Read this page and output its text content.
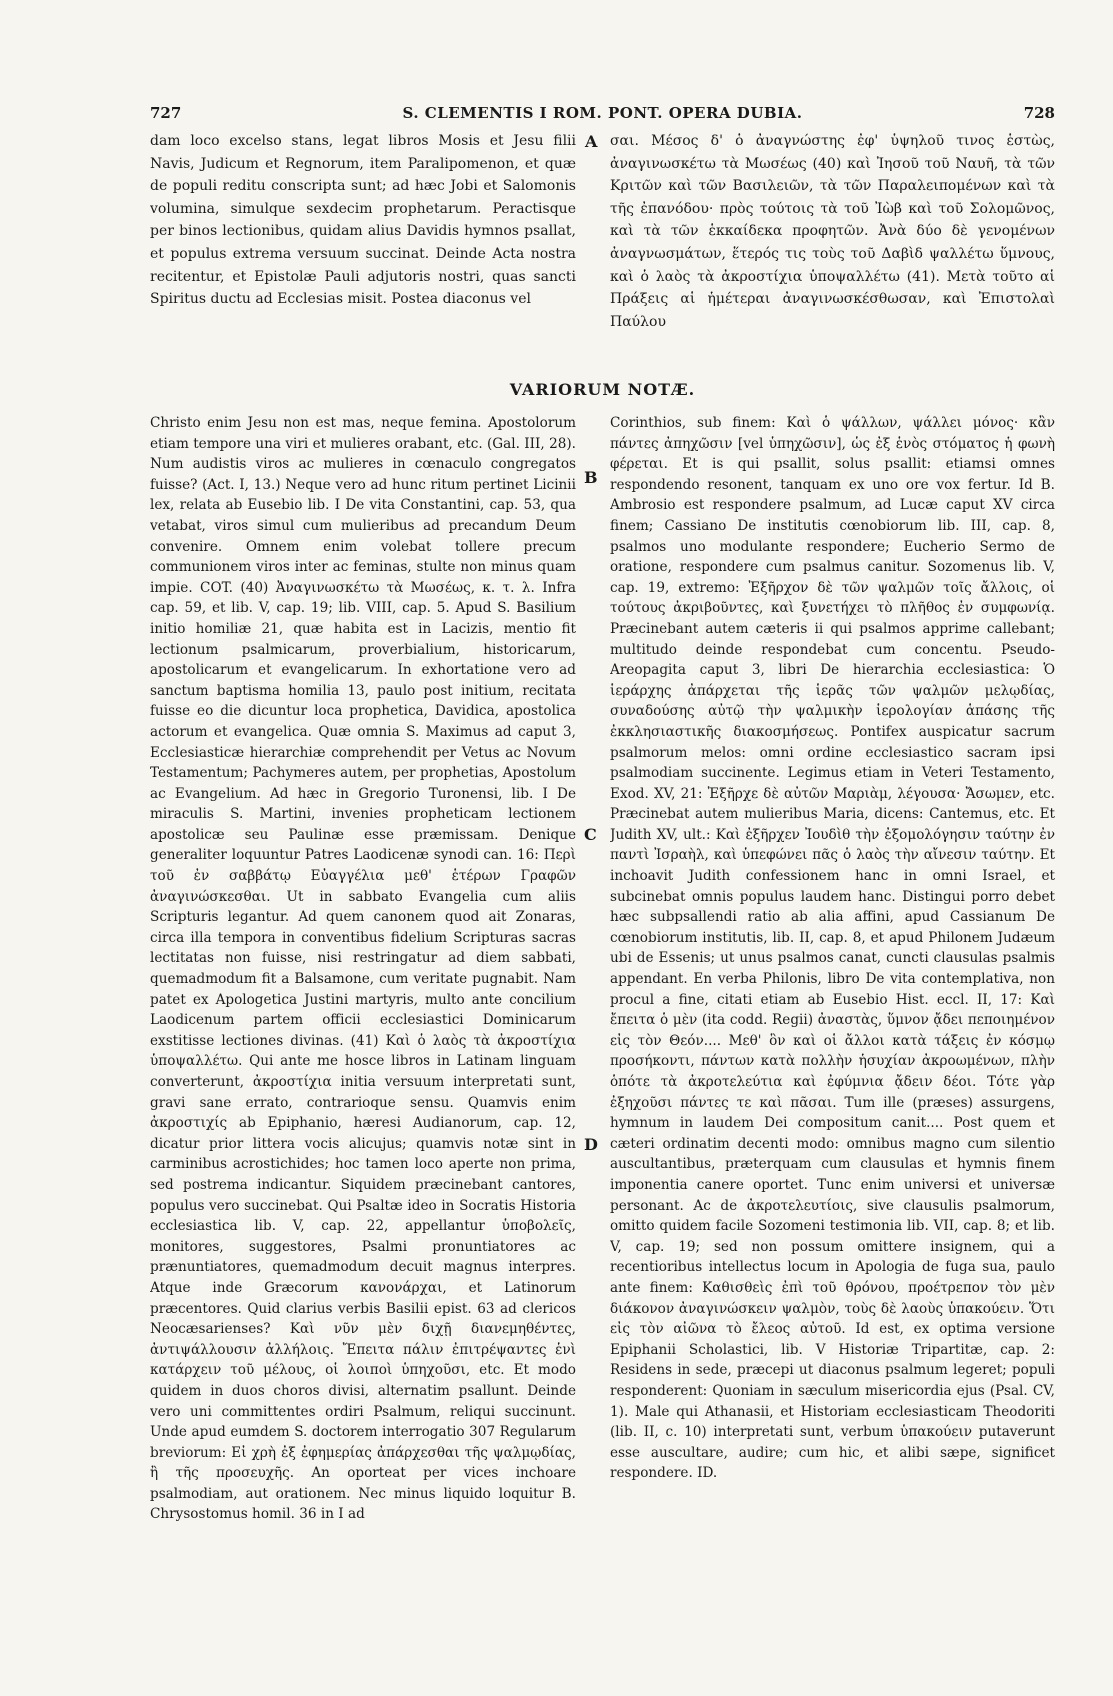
727	S. CLEMENTIS I ROM. PONT. OPERA DUBIA.	728

dam loco excelso stans, legat libros Mosis et Jesu filii Navis, Judicum et Regnorum, item Paralipomenon, et quæ de populi reditu conscripta sunt; ad hæc Jobi et Salomonis volumina, simulque sexdecim prophetarum. Peractisque per binos lectionibus, quidam alius Davidis hymnos psallat, et populus extrema versuum succinat. Deinde Acta nostra recitentur, et Epistolæ Pauli adjutoris nostri, quas sancti Spiritus ductu ad Ecclesias misit. Postea diaconus vel

A σαι. Μέσος δ' ὁ ἀναγνώστης ἐφ' ὑψηλοῦ τινος ἑστὼς, ἀναγινωσκέτω τὰ Μωσέως (40) καὶ Ἰησοῦ τοῦ Ναυῆ, τὰ τῶν Κριτῶν καὶ τῶν Βασιλειῶν, τὰ τῶν Παραλειπομένων καὶ τὰ τῆς ἐπανόδου· πρὸς τούτοις τὰ τοῦ Ἰὼβ καὶ τοῦ Σολομῶνος, καὶ τὰ τῶν ἑκκαίδεκα προφητῶν. Ἀνὰ δύο δὲ γενομένων ἀναγνωσμάτων, ἕτερός τις τοὺς τοῦ Δαβὶδ ψαλλέτω ὕμνους, καὶ ὁ λαὸς τὰ ἀκροστίχια ὑποψαλλέτω (41). Μετὰ τοῦτο αἱ Πράξεις αἱ ἡμέτεραι ἀναγινωσκέσθωσαν, καὶ Ἐπιστολαὶ Παύλου

VARIORUM NOTÆ.

Christo enim Jesu non est mas, neque femina. Apostolorum etiam tempore una viri et mulieres orabant, etc. (Gal. III, 28). Num audistis viros ac mulieres in cœnaculo congregatos fuisse? (Act. I, 13.) Neque vero ad hunc ritum pertinet Licinii lex, relata ab Eusebio lib. I De vita Constantini, cap. 53, qua vetabat, viros simul cum mulieribus ad precandum Deum convenire. Omnem enim volebat tollere precum communionem viros inter ac feminas, stulte non minus quam impie. COT. (40) Ἀναγινωσκέτω τὰ Μωσέως, κ. τ. λ. Infra cap. 59, et lib. V, cap. 19; lib. VIII, cap. 5. Apud S. Basilium initio homiliæ 21, quæ habita est in Lacizis, mentio fit lectionum psalmicarum, proverbialium, historicarum, apostolicarum et evangelicarum. In exhortatione vero ad sanctum baptisma homilia 13, paulo post initium, recitata fuisse eo die dicuntur loca prophetica, Davidica, apostolica actorum et evangelica. Quæ omnia S. Maximus ad caput 3, Ecclesiasticæ hierarchiæ comprehendit per Vetus ac Novum Testamentum; Pachymeres autem, per prophetias, Apostolum ac Evangelium. Ad hæc in Gregorio Turonensi, lib. I De miraculis S. Martini, invenies propheticam lectionem apostolicæ seu Paulinæ esse præmissam. Denique generaliter loquuntur Patres Laodicenæ synodi can. 16: Περὶ τοῦ ἐν σαββάτῳ Εὐαγγέλια μεθ' ἑτέρων Γραφῶν ἀναγινώσκεσθαι. Ut in sabbato Evangelia cum aliis Scripturis legantur. Ad quem canonem quod ait Zonaras, circa illa tempora in conventibus fidelium Scripturas sacras lectitatas non fuisse, nisi restringatur ad diem sabbati, quemadmodum fit a Balsamone, cum veritate pugnabit. Nam patet ex Apologetica Justini martyris, multo ante concilium Laodicenum partem officii ecclesiastici Dominicarum exstitisse lectiones divinas. (41) Καὶ ὁ λαὸς τὰ ἀκροστίχια ὑποψαλλέτω. Qui ante me hosce libros in Latinam linguam converterunt, ἀκροστίχια initia versuum interpretati sunt, gravi sane errato, contrarioque sensu. Quamvis enim ἀκροστιχίς ab Epiphanio, hæresi Audianorum, cap. 12, dicatur prior littera vocis alicujus; quamvis notæ sint in carminibus acrostichides; hoc tamen loco aperte non prima, sed postrema indicantur. Siquidem præcinebant cantores, populus vero succinebat. Qui Psaltæ ideo in Socratis Historia ecclesiastica lib. V, cap. 22, appellantur ὑποβολεῖς, monitores, suggestores, Psalmi pronuntiatores ac prænuntiatores, quemadmodum decuit magnus interpres. Atque inde Græcorum κανονάρχαι, et Latinorum præcentores. Quid clarius verbis Basilii epist. 63 ad clericos Neocæsarienses? Καὶ νῦν μὲν διχῇ διανεμηθέντες, ἀντιψάλλουσιν ἀλλήλοις. Ἔπειτα πάλιν ἐπιτρέψαντες ἑνὶ κατάρχειν τοῦ μέλους, οἱ λοιποὶ ὑπηχοῦσι, etc. Et modo quidem in duos choros divisi, alternatim psallunt. Deinde vero uni committentes ordiri Psalmum, reliqui succinunt. Unde apud eumdem S. doctorem interrogatio 307 Regularum breviorum: Εἰ χρὴ ἐξ ἐφημερίας ἀπάρχεσθαι τῆς ψαλμῳδίας, ἢ τῆς προσευχῆς. An oporteat per vices inchoare psalmodiam, aut orationem. Nec minus liquido loquitur B. Chrysostomus homil. 36 in I ad

B
C
D

Corinthios, sub finem: Καὶ ὁ ψάλλων, ψάλλει μόνος· κἂν πάντες ἀπηχῶσιν [vel ὑπηχῶσιν], ὡς ἐξ ἑνὸς στόματος ἡ φωνὴ φέρεται. Et is qui psallit, solus psallit: etiamsi omnes respondendo resonent, tanquam ex uno ore vox fertur. Id B. Ambrosio est respondere psalmum, ad Lucæ caput XV circa finem; Cassiano De institutis cœnobiorum lib. III, cap. 8, psalmos uno modulante respondere; Eucherio Sermo de oratione, respondere cum psalmus canitur. Sozomenus lib. V, cap. 19, extremo: Ἐξῆρχον δὲ τῶν ψαλμῶν τοῖς ἄλλοις, οἱ τούτους ἀκριβοῦντες, καὶ ξυνετήχει τὸ πλῆθος ἐν συμφωνίᾳ. Præcinebant autem cæteris ii qui psalmos apprime callebant; multitudo deinde respondebat cum concentu. Pseudo-Areopagita caput 3, libri De hierarchia ecclesiastica: Ὁ ἱεράρχης ἀπάρχεται τῆς ἱερᾶς τῶν ψαλμῶν μελῳδίας, συναδούσης αὐτῷ τὴν ψαλμικὴν ἱερολογίαν ἁπάσης τῆς ἐκκλησιαστικῆς διακοσμήσεως. Pontifex auspicatur sacrum psalmorum melos: omni ordine ecclesiastico sacram ipsi psalmodiam succinente. Legimus etiam in Veteri Testamento, Exod. XV, 21: Ἐξῆρχε δὲ αὐτῶν Μαριὰμ, λέγουσα· Ἄσωμεν, etc. Præcinebat autem mulieribus Maria, dicens: Cantemus, etc. Et Judith XV, ult.: Καὶ ἐξῆρχεν Ἰουδὶθ τὴν ἐξομολόγησιν ταύτην ἐν παντὶ Ἰσραὴλ, καὶ ὑπεφώνει πᾶς ὁ λαὸς τὴν αἴνεσιν ταύτην. Et inchoavit Judith confessionem hanc in omni Israel, et subcinebat omnis populus laudem hanc. Distingui porro debet hæc subpsallendi ratio ab alia affini, apud Cassianum De cœnobiorum institutis, lib. II, cap. 8, et apud Philonem Judæum ubi de Essenis; ut unus psalmos canat, cuncti clausulas psalmis appendant. En verba Philonis, libro De vita contemplativa, non procul a fine, citati etiam ab Eusebio Hist. eccl. II, 17: Καὶ ἔπειτα ὁ μὲν (ita codd. Regii) ἀναστὰς, ὕμνον ᾄδει πεποιημένον εἰς τὸν Θεόν.... Μεθ' ὃν καὶ οἱ ἄλλοι κατὰ τάξεις ἐν κόσμῳ προσήκοντι, πάντων κατὰ πολλὴν ἡσυχίαν ἀκροωμένων, πλὴν ὁπότε τὰ ἀκροτελεύτια καὶ ἐφύμνια ᾄδειν δέοι. Τότε γὰρ ἐξηχοῦσι πάντες τε καὶ πᾶσαι. Tum ille (præses) assurgens, hymnum in laudem Dei compositum canit.... Post quem et cæteri ordinatim decenti modo: omnibus magno cum silentio auscultantibus, præterquam cum clausulas et hymnis finem imponentia canere oportet. Tunc enim universi et universæ personant. Ac de ἀκροτελευτίοις, sive clausulis psalmorum, omitto quidem facile Sozomeni testimonia lib. VII, cap. 8; et lib. V, cap. 19; sed non possum omittere insignem, qui a recentioribus intellectus locum in Apologia de fuga sua, paulo ante finem: Καθισθεὶς ἐπὶ τοῦ θρόνου, προέτρεπον τὸν μὲν διάκονον ἀναγινώσκειν ψαλμὸν, τοὺς δὲ λαοὺς ὑπακούειν. Ὅτι εἰς τὸν αἰῶνα τὸ ἔλεος αὐτοῦ. Id est, ex optima versione Epiphanii Scholastici, lib. V Historiæ Tripartitæ, cap. 2: Residens in sede, præcepi ut diaconus psalmum legeret; populi responderent: Quoniam in sæculum misericordia ejus (Psal. CV, 1). Male qui Athanasii, et Historiam ecclesiasticam Theodoriti (lib. II, c. 10) interpretati sunt, verbum ὑπακούειν putaverunt esse auscultare, audire; cum hic, et alibi sæpe, significet respondere. ID.
